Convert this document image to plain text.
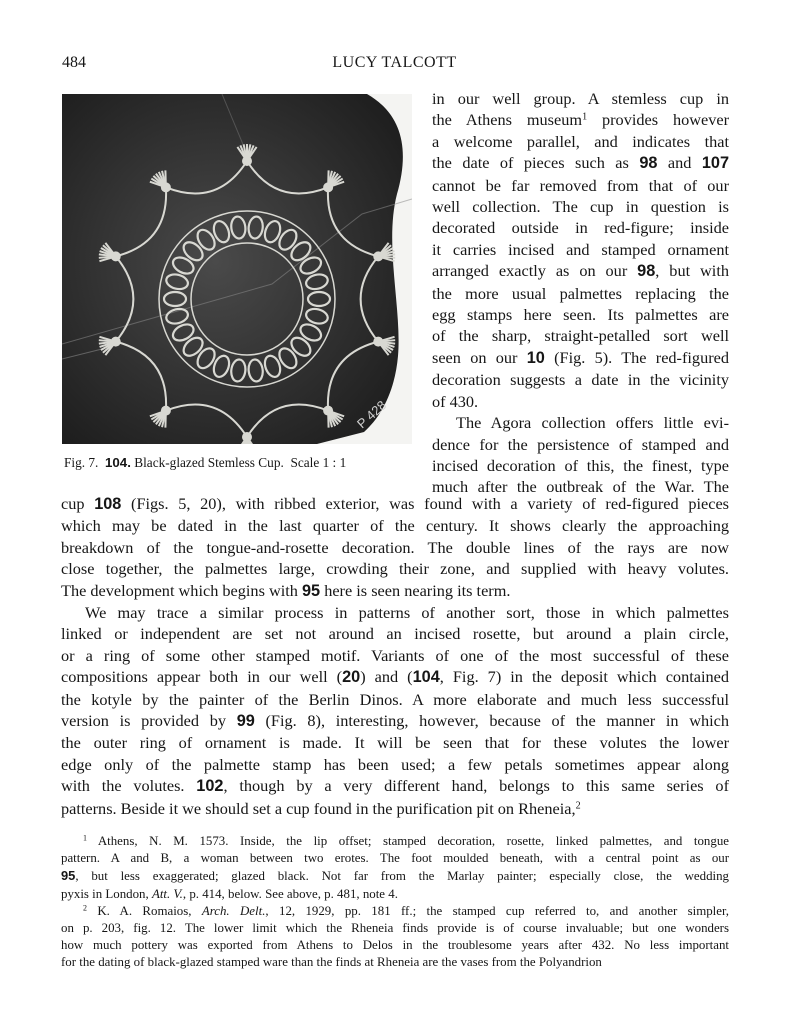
484	LUCY TALCOTT
P 428
Fig. 7. 104. Black-glazed Stemless Cup. Scale 1 : 1
in our well group. A stemless cup in
the Athens museum$^1$ provides however
a welcome parallel, and indicates that
the date of pieces such as 98 and 107
cannot be far removed from that of our
well collection. The cup in question is
decorated outside in red-figure; inside
it carries incised and stamped ornament
arranged exactly as on our 98, but with
the more usual palmettes replacing the
egg stamps here seen. Its palmettes are
of the sharp, straight-petalled sort well
seen on our 10 (Fig. 5). The red-figured
decoration suggests a date in the vicinity
of 430.
The Agora collection offers little evi-
dence for the persistence of stamped and
incised decoration of this, the finest, type
much after the outbreak of the War. The
cup 108 (Figs. 5, 20), with ribbed exterior, was found with a variety of red-figured pieces
which may be dated in the last quarter of the century. It shows clearly the approaching
breakdown of the tongue-and-rosette decoration. The double lines of the rays are now
close together, the palmettes large, crowding their zone, and supplied with heavy volutes.
The development which begins with 95 here is seen nearing its term.
We may trace a similar process in patterns of another sort, those in which palmettes
linked or independent are set not around an incised rosette, but around a plain circle,
or a ring of some other stamped motif. Variants of one of the most successful of these
compositions appear both in our well (20) and (104, Fig. 7) in the deposit which contained
the kotyle by the painter of the Berlin Dinos. A more elaborate and much less successful
version is provided by 99 (Fig. 8), interesting, however, because of the manner in which
the outer ring of ornament is made. It will be seen that for these volutes the lower
edge only of the palmette stamp has been used; a few petals sometimes appear along
with the volutes. 102, though by a very different hand, belongs to this same series of
patterns. Beside it we should set a cup found in the purification pit on Rheneia,$^2$
$^1$ Athens, N. M. 1573. Inside, the lip offset; stamped decoration, rosette, linked palmettes, and tongue
pattern. A and B, a woman between two erotes. The foot moulded beneath, with a central point as our
95, but less exaggerated; glazed black. Not far from the Marlay painter; especially close, the wedding
pyxis in London, Att. V., p. 414, below. See above, p. 481, note 4.
$^2$ K. A. Romaios, Arch. Delt., 12, 1929, pp. 181 ff.; the stamped cup referred to, and another simpler,
on p. 203, fig. 12. The lower limit which the Rheneia finds provide is of course invaluable; but one wonders
how much pottery was exported from Athens to Delos in the troublesome years after 432. No less important
for the dating of black-glazed stamped ware than the finds at Rheneia are the vases from the Polyandrion
